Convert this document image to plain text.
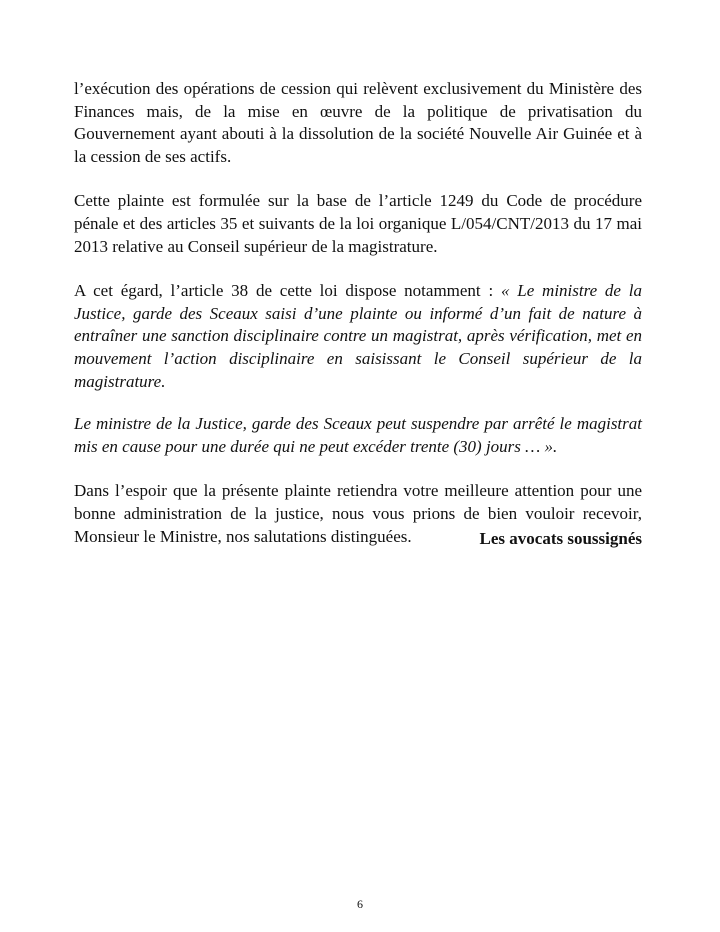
l’exécution des opérations de cession qui relèvent exclusivement du Ministère des Finances mais, de la mise en œuvre de la politique de privatisation du Gouvernement ayant abouti à la dissolution de la société Nouvelle Air Guinée et à la cession de ses actifs.

Cette plainte est formulée sur la base de l’article 1249 du Code de procédure pénale et des articles 35 et suivants de la loi organique L/054/CNT/2013 du 17 mai 2013 relative au Conseil supérieur de la magistrature.

A cet égard, l’article 38 de cette loi dispose notamment : « Le ministre de la Justice, garde des Sceaux saisi d’une plainte ou informé d’un fait de nature à entraîner une sanction disciplinaire contre un magistrat, après vérification, met en mouvement l’action disciplinaire en saisissant le Conseil supérieur de la magistrature.

Le ministre de la Justice, garde des Sceaux peut suspendre par arrêté le magistrat mis en cause pour une durée qui ne peut excéder trente (30) jours … ».

Dans l’espoir que la présente plainte retiendra votre meilleure attention pour une bonne administration de la justice, nous vous prions de bien vouloir recevoir, Monsieur le Ministre, nos salutations distinguées.	Les avocats soussignés
6
